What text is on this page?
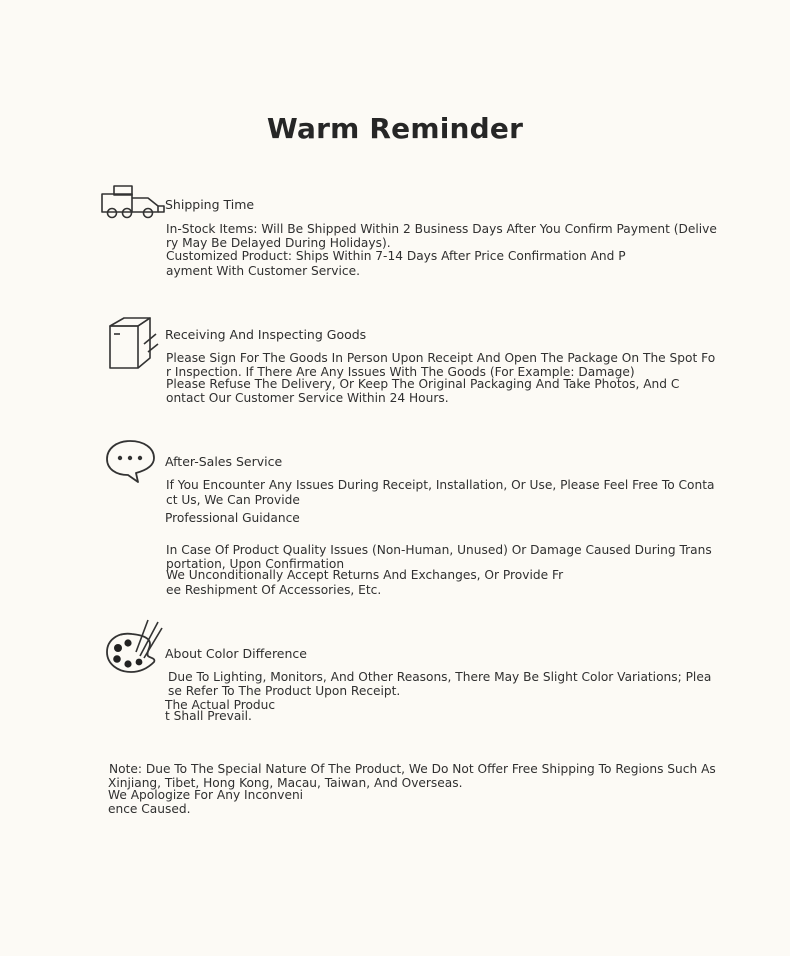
Warm Reminder
Shipping Time
In-Stock Items: Will Be Shipped Within 2 Business Days After You Confirm Payment (Delive
ry May Be Delayed During Holidays).
Customized Product: Ships Within 7-14 Days After Price Confirmation And P
ayment With Customer Service.
Receiving And Inspecting Goods
Please Sign For The Goods In Person Upon Receipt And Open The Package On The Spot Fo
r Inspection. If There Are Any Issues With The Goods (For Example: Damage)
Please Refuse The Delivery, Or Keep The Original Packaging And Take Photos, And C
ontact Our Customer Service Within 24 Hours.
After-Sales Service
If You Encounter Any Issues During Receipt, Installation, Or Use, Please Feel Free To Conta
ct Us, We Can Provide
Professional Guidance
In Case Of Product Quality Issues (Non-Human, Unused) Or Damage Caused During Trans
portation, Upon Confirmation
We Unconditionally Accept Returns And Exchanges, Or Provide Fr
ee Reshipment Of Accessories, Etc.
About Color Difference
Due To Lighting, Monitors, And Other Reasons, There May Be Slight Color Variations; Plea
se Refer To The Product Upon Receipt.
The Actual Produc
t Shall Prevail.
Note: Due To The Special Nature Of The Product, We Do Not Offer Free Shipping To Regions Such As
Xinjiang, Tibet, Hong Kong, Macau, Taiwan, And Overseas.
We Apologize For Any Inconveni
ence Caused.
